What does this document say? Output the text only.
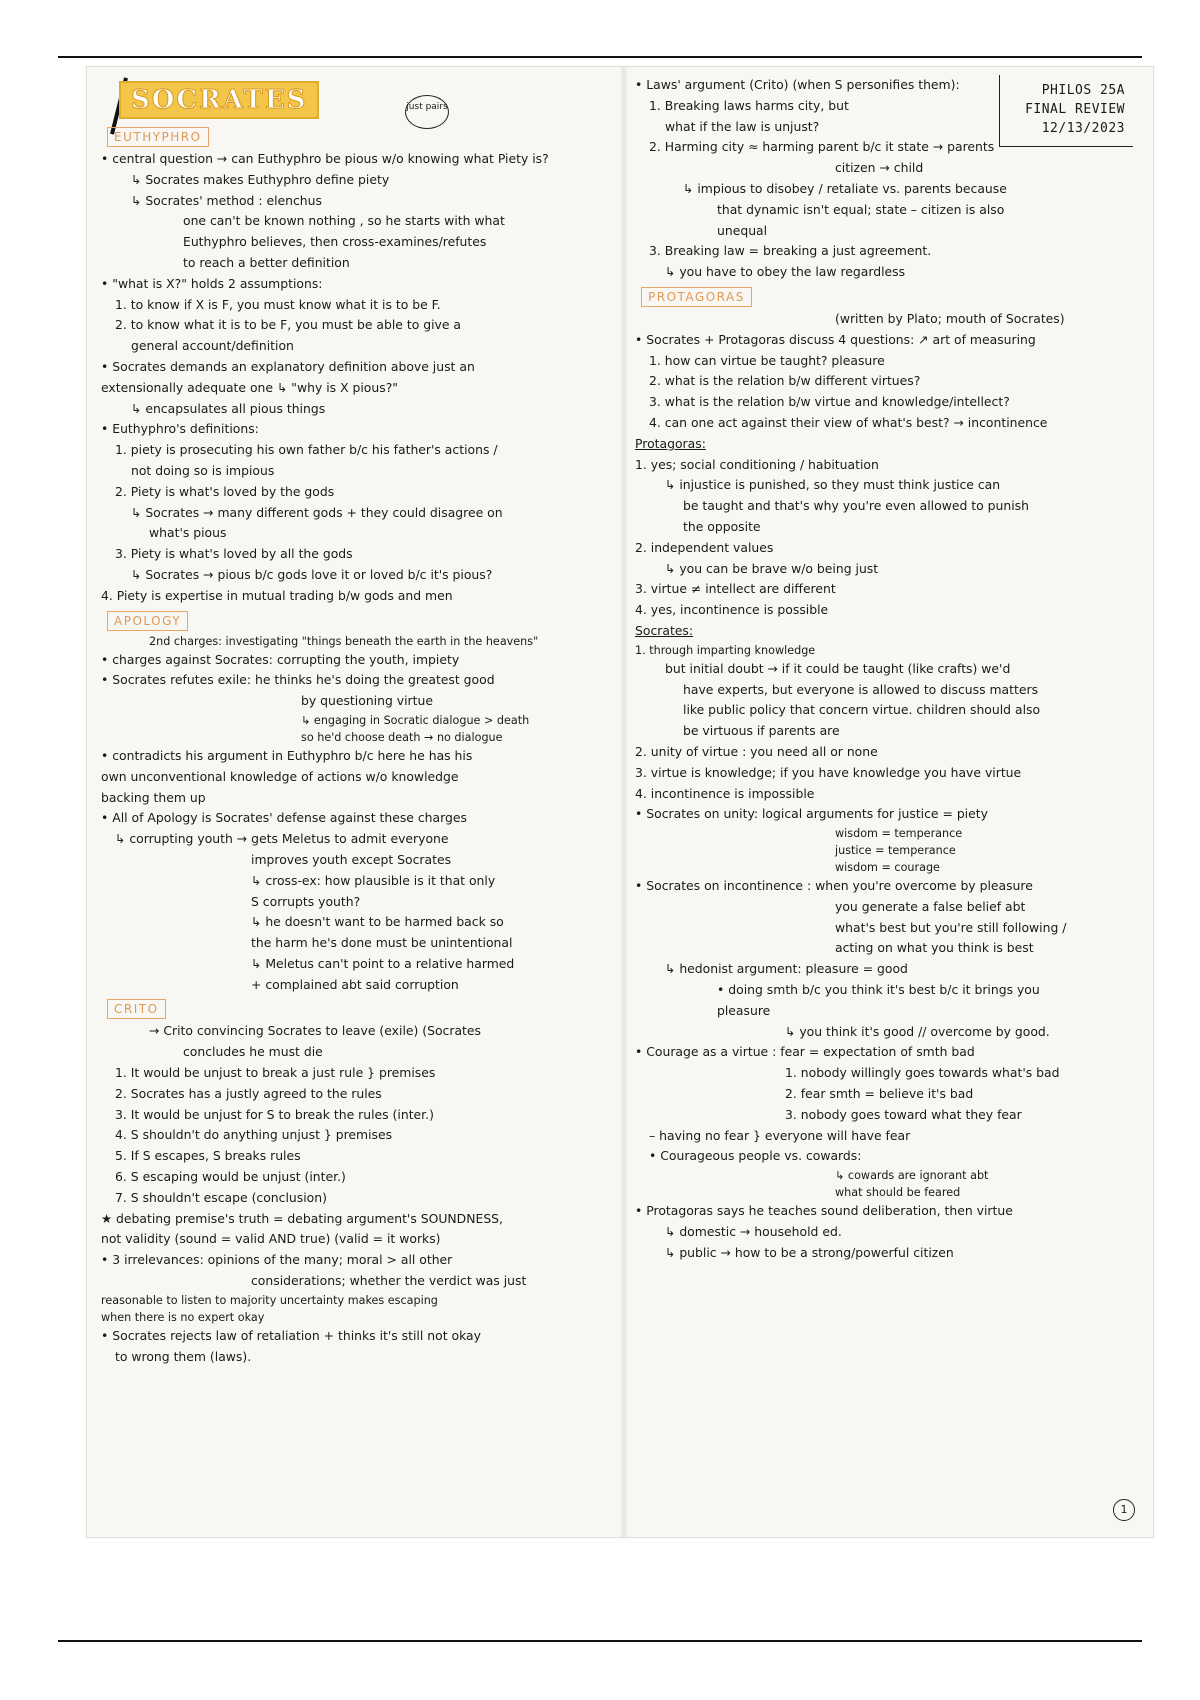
SOCRATES
EUTHYPHRO
• central question → can Euthyphro be pious w/o knowing what Piety is?
↳ Socrates makes Euthyphro define piety
↳ Socrates' method : elenchus
one can't be known nothing , so he starts with what
Euthyphro believes, then cross-examines/refutes
to reach a better definition
• "what is X?" holds 2 assumptions:
1. to know if X is F, you must know what it is to be F.
2. to know what it is to be F, you must be able to give a
general account/definition
• Socrates demands an explanatory definition above just an
extensionally adequate one ↳ "why is X pious?"
↳ encapsulates all pious things
• Euthyphro's definitions:
1. piety is prosecuting his own father b/c his father's actions /
not doing so is impious
2. Piety is what's loved by the gods
↳ Socrates → many different gods + they could disagree on
what's pious
3. Piety is what's loved by all the gods
↳ Socrates → pious b/c gods love it or loved b/c it's pious?
4. Piety is expertise in mutual trading b/w gods and men
APOLOGY
2nd charges: investigating "things beneath the earth in the heavens"
• charges against Socrates: corrupting the youth, impiety
• Socrates refutes exile: he thinks he's doing the greatest good
by questioning virtue
↳ engaging in Socratic dialogue > death
so he'd choose death → no dialogue
• contradicts his argument in Euthyphro b/c here he has his
own unconventional knowledge of actions w/o knowledge
backing them up
• All of Apology is Socrates' defense against these charges
↳ corrupting youth → gets Meletus to admit everyone
improves youth except Socrates
↳ cross-ex: how plausible is it that only
S corrupts youth?
↳ he doesn't want to be harmed back so
the harm he's done must be unintentional
↳ Meletus can't point to a relative harmed
+ complained abt said corruption
CRITO
→ Crito convincing Socrates to leave (exile) (Socrates
concludes he must die
1. It would be unjust to break a just rule } premises
2. Socrates has a justly agreed to the rules
3. It would be unjust for S to break the rules (inter.)
4. S shouldn't do anything unjust } premises
5. If S escapes, S breaks rules
6. S escaping would be unjust (inter.)
7. S shouldn't escape (conclusion)
★ debating premise's truth = debating argument's SOUNDNESS,
not validity (sound = valid AND true) (valid = it works)
• 3 irrelevances: opinions of the many; moral > all other
considerations; whether the verdict was just
reasonable to listen to majority uncertainty makes escaping
when there is no expert okay
• Socrates rejects law of retaliation + thinks it's still not okay
to wrong them (laws).
just pairs
PHILOS 25A
FINAL REVIEW
12/13/2023
• Laws' argument (Crito) (when S personifies them):
1. Breaking laws harms city, but
what if the law is unjust?
2. Harming city ≈ harming parent b/c it state → parents
citizen → child
↳ impious to disobey / retaliate vs. parents because
that dynamic isn't equal; state – citizen is also
unequal
3. Breaking law = breaking a just agreement.
↳ you have to obey the law regardless
PROTAGORAS
(written by Plato; mouth of Socrates)
• Socrates + Protagoras discuss 4 questions: ↗ art of measuring
1. how can virtue be taught? pleasure
2. what is the relation b/w different virtues?
3. what is the relation b/w virtue and knowledge/intellect?
4. can one act against their view of what's best? → incontinence
Protagoras:
1. yes; social conditioning / habituation
↳ injustice is punished, so they must think justice can
be taught and that's why you're even allowed to punish
the opposite
2. independent values
↳ you can be brave w/o being just
3. virtue ≠ intellect are different
4. yes, incontinence is possible
Socrates:
1. through imparting knowledge
but initial doubt → if it could be taught (like crafts) we'd
have experts, but everyone is allowed to discuss matters
like public policy that concern virtue. children should also
be virtuous if parents are
2. unity of virtue : you need all or none
3. virtue is knowledge; if you have knowledge you have virtue
4. incontinence is impossible
• Socrates on unity: logical arguments for justice = piety
wisdom = temperance
justice = temperance
wisdom = courage
• Socrates on incontinence : when you're overcome by pleasure
you generate a false belief abt
what's best but you're still following /
acting on what you think is best
↳ hedonist argument: pleasure = good
• doing smth b/c you think it's best b/c it brings you
pleasure
↳ you think it's good // overcome by good.
• Courage as a virtue : fear = expectation of smth bad
1. nobody willingly goes towards what's bad
2. fear smth = believe it's bad
3. nobody goes toward what they fear
– having no fear } everyone will have fear
• Courageous people vs. cowards:
↳ cowards are ignorant abt
what should be feared
• Protagoras says he teaches sound deliberation, then virtue
↳ domestic → household ed.
↳ public → how to be a strong/powerful citizen
1
